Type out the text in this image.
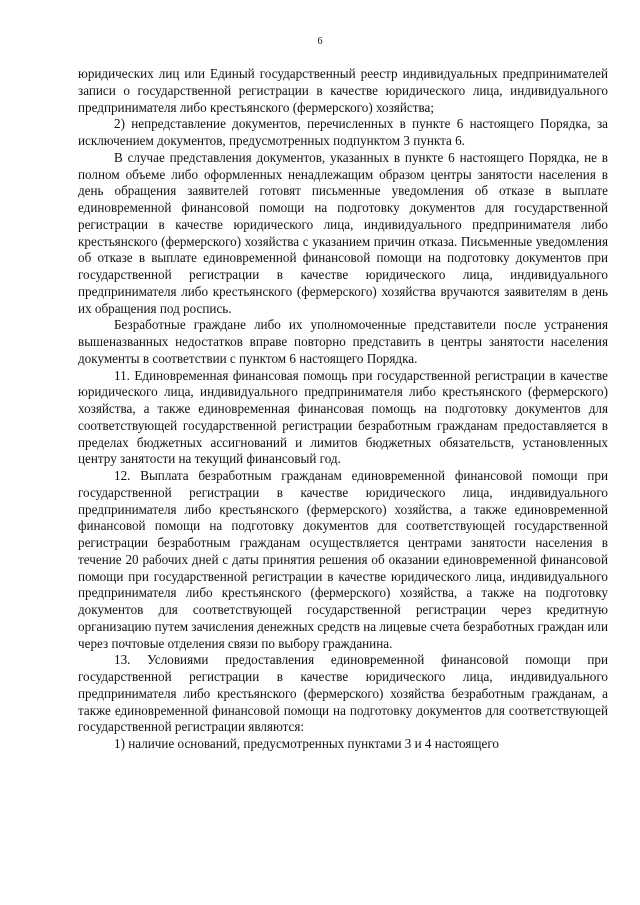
6

юридических лиц или Единый государственный реестр индивидуальных предпринимателей записи о государственной регистрации в качестве юридического лица, индивидуального предпринимателя либо крестьянского (фермерского) хозяйства;

2) непредставление документов, перечисленных в пункте 6 настоящего Порядка, за исключением документов, предусмотренных подпунктом 3 пункта 6.

В случае представления документов, указанных в пункте 6 настоящего Порядка, не в полном объеме либо оформленных ненадлежащим образом центры занятости населения в день обращения заявителей готовят письменные уведомления об отказе в выплате единовременной финансовой помощи на подготовку документов для государственной регистрации в качестве юридического лица, индивидуального предпринимателя либо крестьянского (фермерского) хозяйства с указанием причин отказа. Письменные уведомления об отказе в выплате единовременной финансовой помощи на подготовку документов при государственной регистрации в качестве юридического лица, индивидуального предпринимателя либо крестьянского (фермерского) хозяйства вручаются заявителям в день их обращения под роспись.

Безработные граждане либо их уполномоченные представители после устранения вышеназванных недостатков вправе повторно представить в центры занятости населения документы в соответствии с пунктом 6 настоящего Порядка.

11. Единовременная финансовая помощь при государственной регистрации в качестве юридического лица, индивидуального предпринимателя либо крестьянского (фермерского) хозяйства, а также единовременная финансовая помощь на подготовку документов для соответствующей государственной регистрации безработным гражданам предоставляется в пределах бюджетных ассигнований и лимитов бюджетных обязательств, установленных центру занятости на текущий финансовый год.

12. Выплата безработным гражданам единовременной финансовой помощи при государственной регистрации в качестве юридического лица, индивидуального предпринимателя либо крестьянского (фермерского) хозяйства, а также единовременной финансовой помощи на подготовку документов для соответствующей государственной регистрации безработным гражданам осуществляется центрами занятости населения в течение 20 рабочих дней с даты принятия решения об оказании единовременной финансовой помощи при государственной регистрации в качестве юридического лица, индивидуального предпринимателя либо крестьянского (фермерского) хозяйства, а также на подготовку документов для соответствующей государственной регистрации через кредитную организацию путем зачисления денежных средств на лицевые счета безработных граждан или через почтовые отделения связи по выбору гражданина.

13. Условиями предоставления единовременной финансовой помощи при государственной регистрации в качестве юридического лица, индивидуального предпринимателя либо крестьянского (фермерского) хозяйства безработным гражданам, а также единовременной финансовой помощи на подготовку документов для соответствующей государственной регистрации являются:

1) наличие оснований, предусмотренных пунктами 3 и 4 настоящего
